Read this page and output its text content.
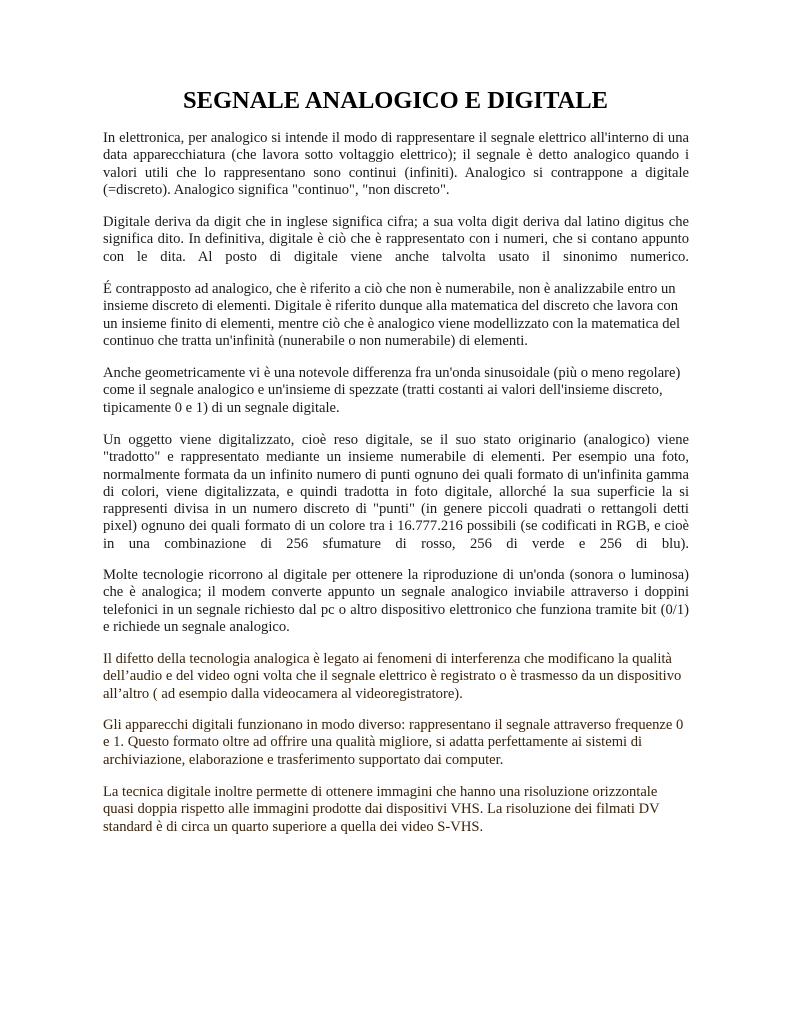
SEGNALE ANALOGICO E DIGITALE

In elettronica, per analogico si intende il modo di rappresentare il segnale elettrico all'interno di una
data apparecchiatura (che lavora sotto voltaggio elettrico); il segnale è detto analogico quando i
valori utili che lo rappresentano sono continui (infiniti). Analogico si contrappone a digitale
(=discreto). Analogico significa "continuo", "non discreto".

Digitale deriva da digit che in inglese significa cifra; a sua volta digit deriva dal latino digitus che
significa dito. In definitiva, digitale è ciò che è rappresentato con i numeri, che si contano appunto
con le dita. Al posto di digitale viene anche talvolta usato il sinonimo numerico.

É contrapposto ad analogico, che è riferito a ciò che non è numerabile, non è analizzabile entro un
insieme discreto di elementi. Digitale è riferito dunque alla matematica del discreto che lavora con
un insieme finito di elementi, mentre ciò che è analogico viene modellizzato con la matematica del
continuo che tratta un'infinità (nunerabile o non numerabile) di elementi.

Anche geometricamente vi è una notevole differenza fra un'onda sinusoidale (più o meno regolare)
come il segnale analogico e un'insieme di spezzate (tratti costanti ai valori dell'insieme discreto,
tipicamente 0 e 1) di un segnale digitale.

Un oggetto viene digitalizzato, cioè reso digitale, se il suo stato originario (analogico) viene
"tradotto" e rappresentato mediante un insieme numerabile di elementi. Per esempio una foto,
normalmente formata da un infinito numero di punti ognuno dei quali formato di un'infinita gamma
di colori, viene digitalizzata, e quindi tradotta in foto digitale, allorché la sua superficie la si
rappresenti divisa in un numero discreto di "punti" (in genere piccoli quadrati o rettangoli detti
pixel) ognuno dei quali formato di un colore tra i 16.777.216 possibili (se codificati in RGB, e cioè
in una combinazione di 256 sfumature di rosso, 256 di verde e 256 di blu).

Molte tecnologie ricorrono al digitale per ottenere la riproduzione di un'onda (sonora o luminosa)
che è analogica; il modem converte appunto un segnale analogico inviabile attraverso i doppini
telefonici in un segnale richiesto dal pc o altro dispositivo elettronico che funziona tramite bit (0/1)
e richiede un segnale analogico.

Il difetto della tecnologia analogica è legato ai fenomeni di interferenza che modificano la qualità
dell’audio e del video ogni volta che il segnale elettrico è registrato o è trasmesso da un dispositivo
all’altro ( ad esempio dalla videocamera al videoregistratore).

Gli apparecchi digitali funzionano in modo diverso: rappresentano il segnale attraverso frequenze 0
e 1. Questo formato oltre ad offrire una qualità migliore, si adatta perfettamente ai sistemi di
archiviazione, elaborazione e trasferimento supportato dai computer.

La tecnica digitale inoltre permette di ottenere immagini che hanno una risoluzione orizzontale
quasi doppia rispetto alle immagini prodotte dai dispositivi VHS. La risoluzione dei filmati DV
standard è di circa un quarto superiore a quella dei video S-VHS.
